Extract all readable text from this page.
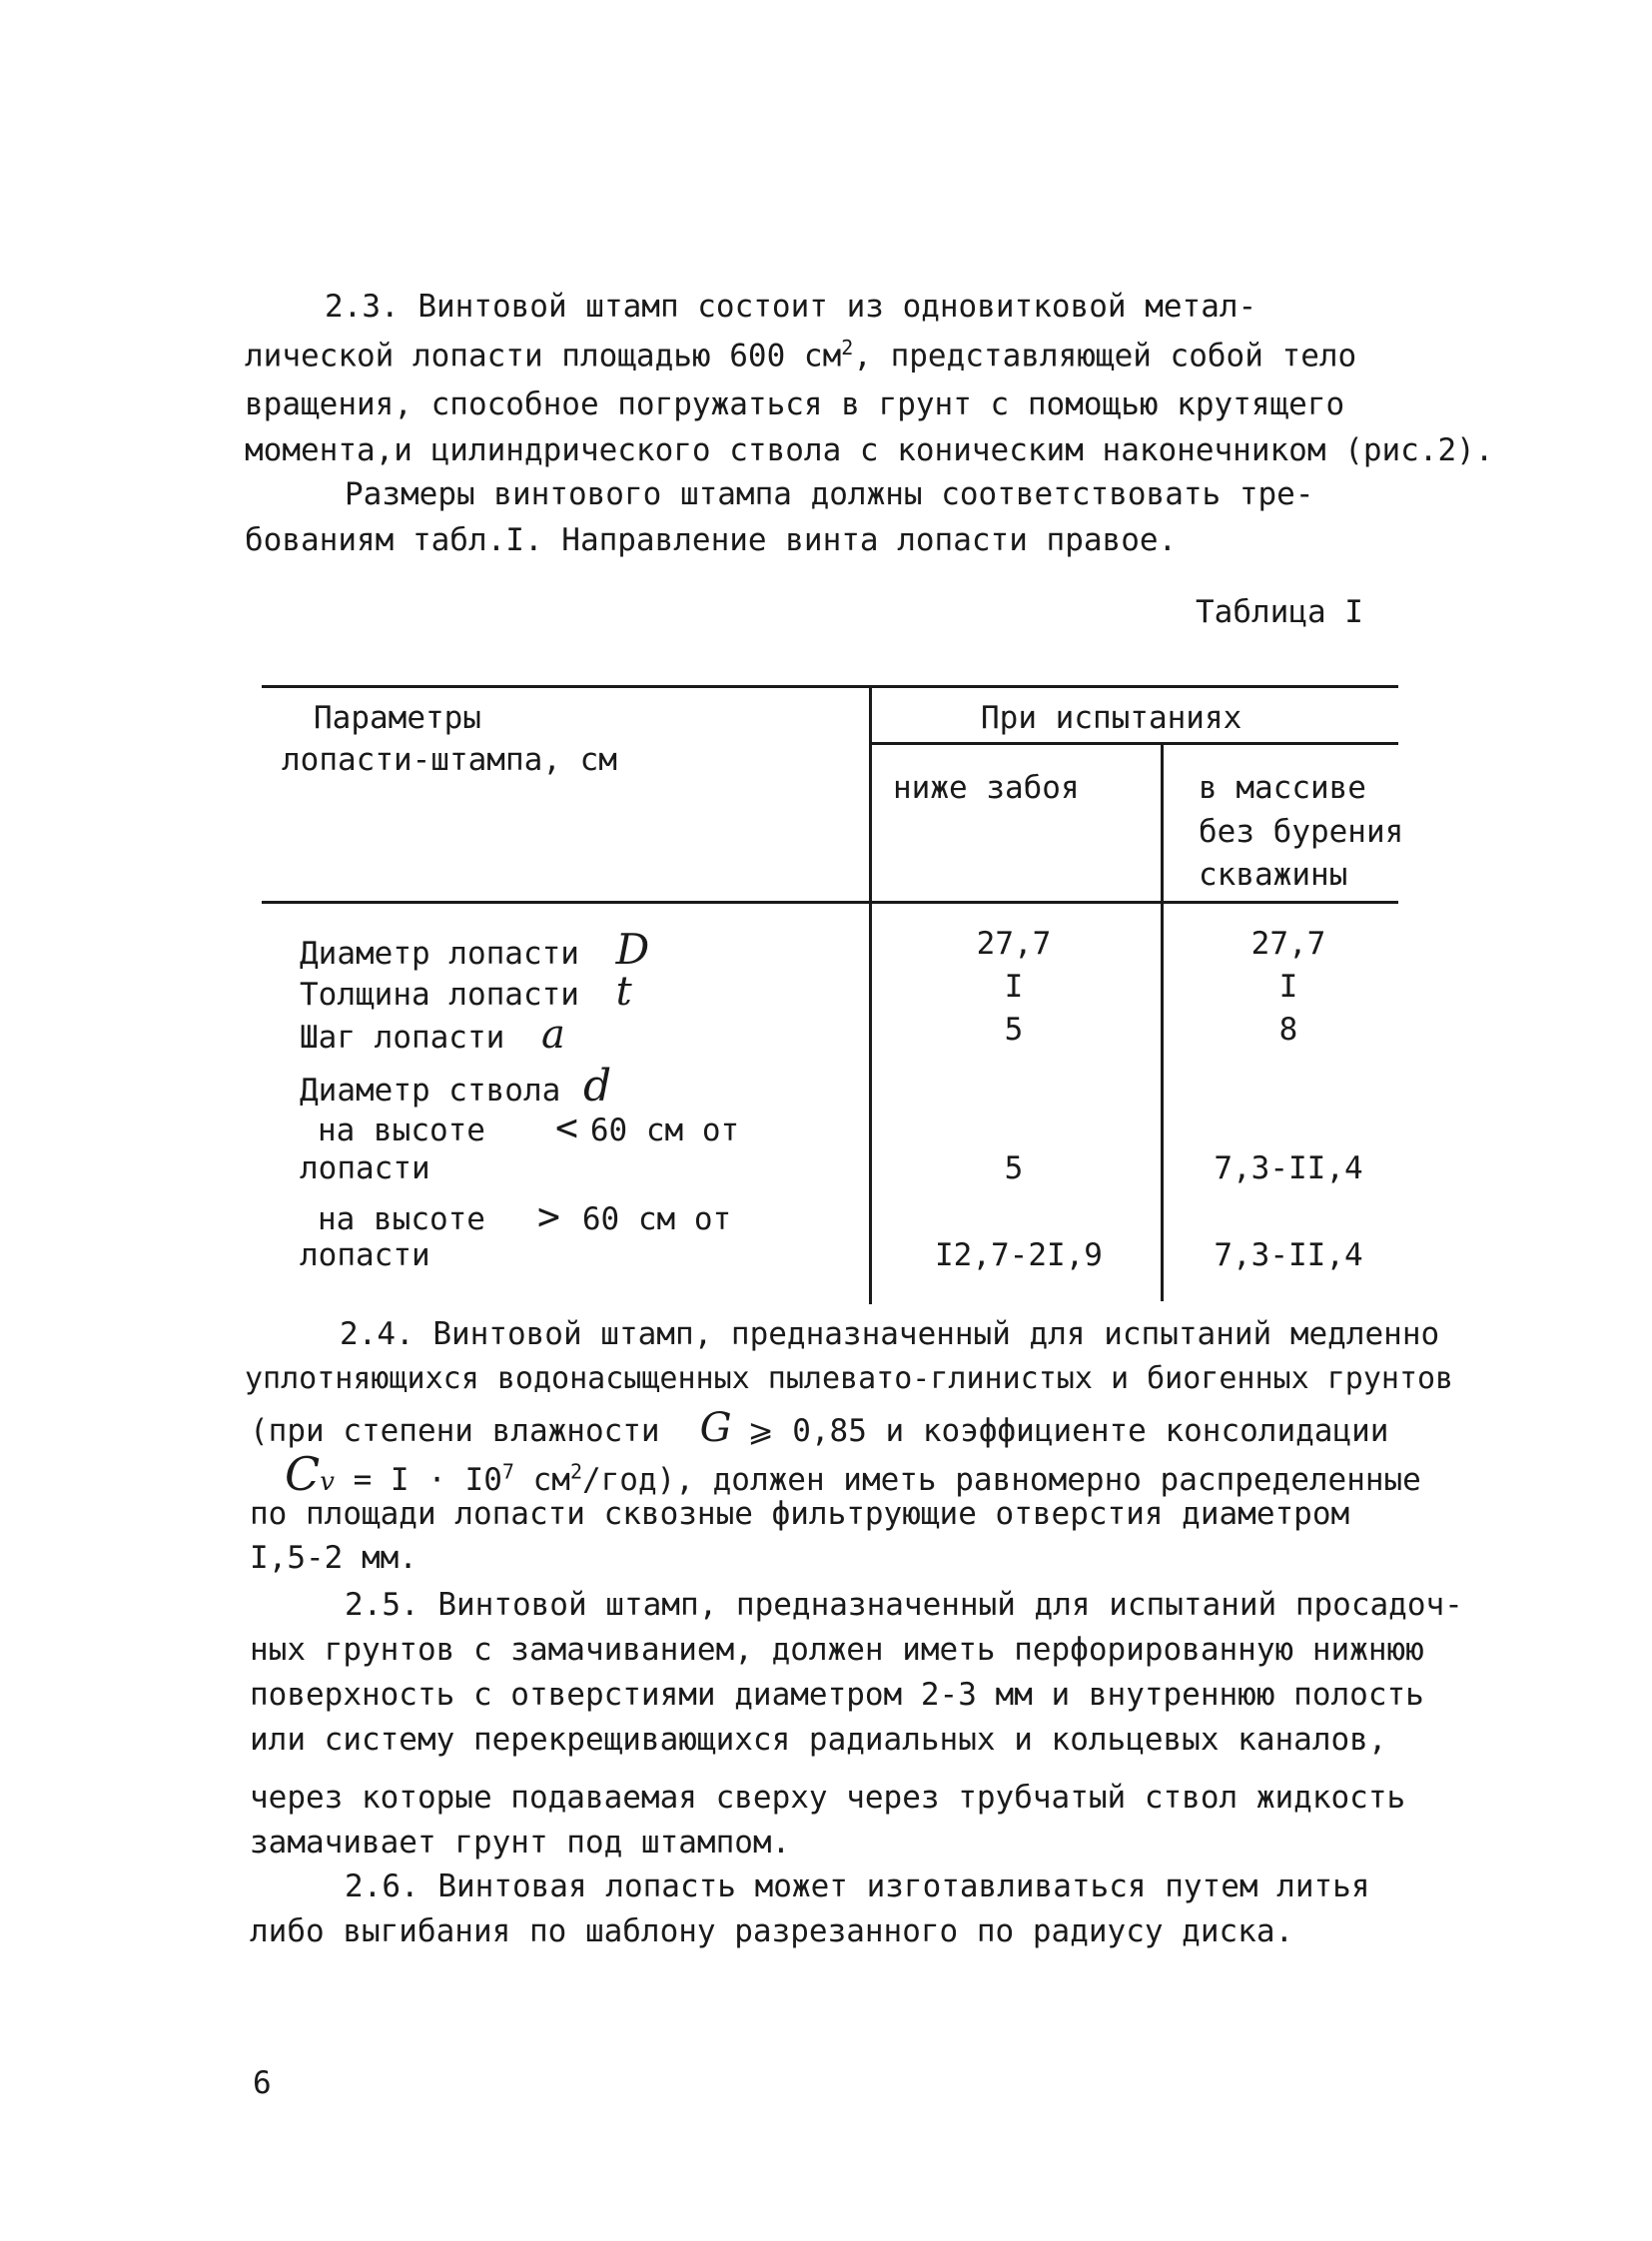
2.3. Винтовой штамп состоит из одновитковой метал-
лической лопасти площадью 600 $см^2$, представляющей собой тело
вращения, способное погружаться в грунт с помощью крутящего
момента,и цилиндрического ствола с коническим наконечником (рис.2).
Размеры винтового штампа должны соответствовать тре-
бованиям табл.I. Направление винта лопасти правое.
Таблица I
Параметры
лопасти-штампа, см
При испытаниях
ниже забоя	в массиве
без бурения
скважины
Диаметр лопасти D	27,7	27,7
Толщина лопасти t	I	I
Шаг лопасти a	5	8
Диаметр ствола d
на высоте < 60 см от
лопасти	5	7,3-II,4
на высоте > 60 см от
лопасти	I2,7-2I,9	7,3-II,4
2.4. Винтовой штамп, предназначенный для испытаний медленно
уплотняющихся водонасыщенных пылевато-глинистых и биогенных грунтов
(при степени влажности G ⩾ 0,85 и коэффициенте консолидации
$Cv = I \cdot I0^7$ $см^2/год$), должен иметь равномерно распределенные
по площади лопасти сквозные фильтрующие отверстия диаметром
I,5-2 мм.
2.5. Винтовой штамп, предназначенный для испытаний просадоч-
ных грунтов с замачиванием, должен иметь перфорированную нижнюю
поверхность с отверстиями диаметром 2-3 мм и внутреннюю полость
или систему перекрещивающихся радиальных и кольцевых каналов,
через которые подаваемая сверху через трубчатый ствол жидкость
замачивает грунт под штампом.
2.6. Винтовая лопасть может изготавливаться путем литья
либо выгибания по шаблону разрезанного по радиусу диска.
6
